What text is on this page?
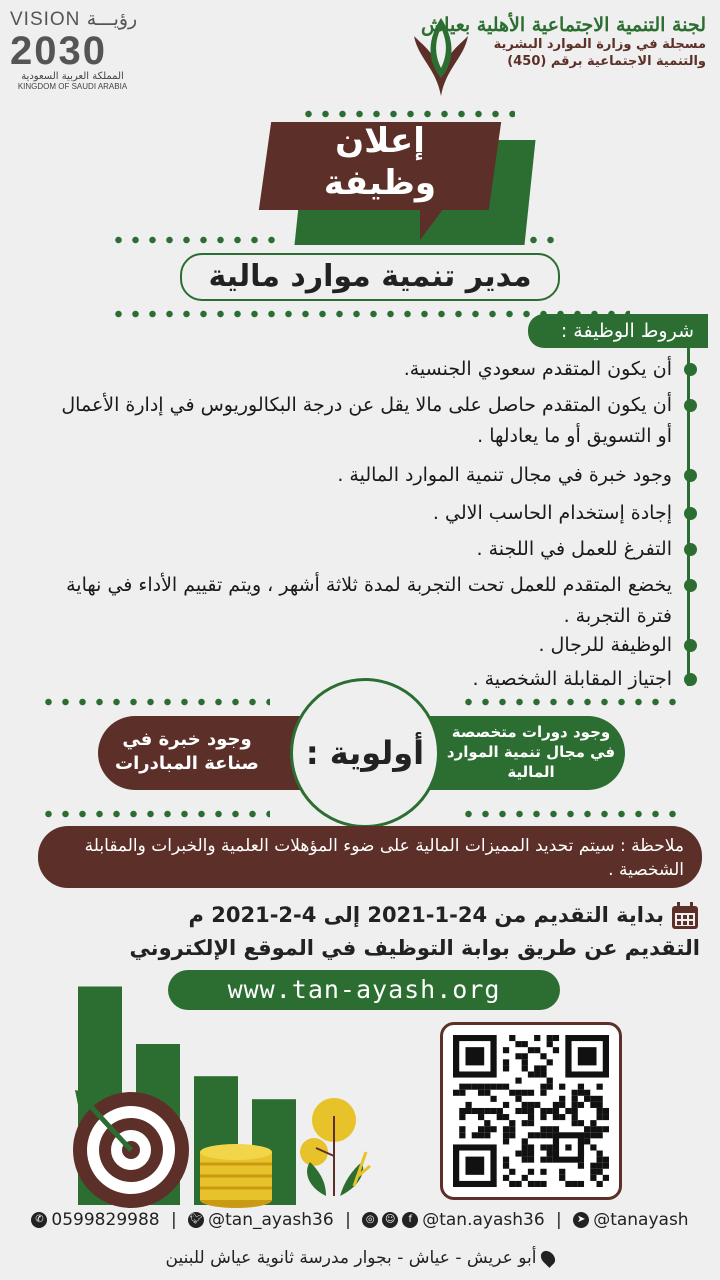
لجنة التنمية الاجتماعية الأهلية بعياش
مسجلة في وزارة الموارد البشرية
والتنمية الاجتماعية برقم (450)
VISION رؤيـــة
2030
المملكة العربية السعودية
KINGDOM OF SAUDI ARABIA
إعلان
وظيفة
مدير تنمية موارد مالية
شروط الوظيفة :
أن يكون المتقدم سعودي الجنسية.
أن يكون المتقدم حاصل على مالا يقل عن درجة البكالوريوس في إدارة الأعمال أو التسويق أو ما يعادلها .
وجود خبرة في مجال تنمية الموارد المالية .
إجادة إستخدام الحاسب الالي .
التفرغ للعمل في اللجنة .
يخضع المتقدم للعمل تحت التجربة لمدة ثلاثة أشهر ، ويتم تقييم الأداء في نهاية فترة التجربة .
الوظيفة للرجال .
اجتياز المقابلة الشخصية .
وجود خبرة في صناعة المبادرات
وجود دورات متخصصة في مجال تنمية الموارد المالية
أولوية :
ملاحظة : سيتم تحديد المميزات المالية على ضوء المؤهلات العلمية والخبرات والمقابلة الشخصية .
بداية التقديم من 24-1-2021 إلى 4-2-2021 م
التقديم عن طريق بوابة التوظيف في الموقع الإلكتروني
www.tan-ayash.org
✆ 0599829988 | 🐦︎ @tan_ayash36 | ◎ ☺ f @tan.ayash36 | ➤ @tanayash
أبو عريش - عياش - بجوار مدرسة ثانوية عياش للبنين
